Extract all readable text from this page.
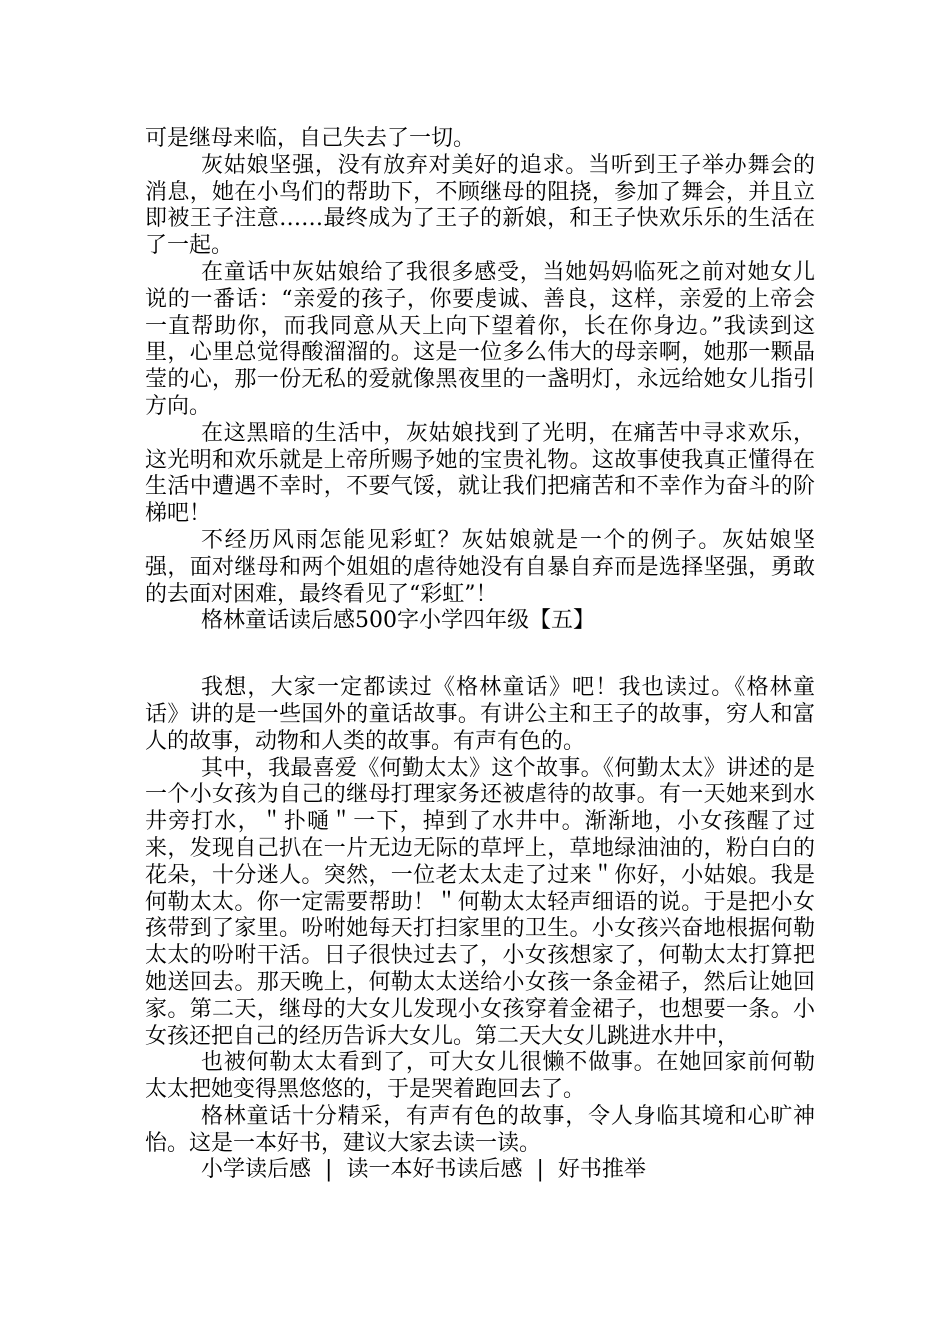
可是继母来临，自己失去了一切。

灰姑娘坚强，没有放弃对美好的追求。当听到王子举办舞会的消息，她在小鸟们的帮助下，不顾继母的阻挠，参加了舞会，并且立即被王子注意……最终成为了王子的新娘，和王子快欢乐乐的生活在了一起。

在童话中灰姑娘给了我很多感受，当她妈妈临死之前对她女儿说的一番话：“亲爱的孩子，你要虔诚、善良，这样，亲爱的上帝会一直帮助你，而我同意从天上向下望着你，长在你身边。”我读到这里，心里总觉得酸溜溜的。这是一位多么伟大的母亲啊，她那一颗晶莹的心，那一份无私的爱就像黑夜里的一盏明灯，永远给她女儿指引方向。

在这黑暗的生活中，灰姑娘找到了光明，在痛苦中寻求欢乐，这光明和欢乐就是上帝所赐予她的宝贵礼物。这故事使我真正懂得在生活中遭遇不幸时，不要气馁，就让我们把痛苦和不幸作为奋斗的阶梯吧！

不经历风雨怎能见彩虹？灰姑娘就是一个的例子。灰姑娘坚强，面对继母和两个姐姐的虐待她没有自暴自弃而是选择坚强，勇敢的去面对困难，最终看见了“彩虹”！

格林童话读后感500字小学四年级【五】

我想，大家一定都读过《格林童话》吧！我也读过。《格林童话》讲的是一些国外的童话故事。有讲公主和王子的故事，穷人和富人的故事，动物和人类的故事。有声有色的。

其中，我最喜爱《何勤太太》这个故事。《何勤太太》讲述的是一个小女孩为自己的继母打理家务还被虐待的故事。有一天她来到水井旁打水，＂扑嗵＂一下，掉到了水井中。渐渐地，小女孩醒了过来，发现自己扒在一片无边无际的草坪上，草地绿油油的，粉白白的花朵，十分迷人。突然，一位老太太走了过来＂你好，小姑娘。我是何勒太太。你一定需要帮助！＂何勒太太轻声细语的说。于是把小女孩带到了家里。吩咐她每天打扫家里的卫生。小女孩兴奋地根据何勒太太的吩咐干活。日子很快过去了，小女孩想家了，何勒太太打算把她送回去。那天晚上，何勒太太送给小女孩一条金裙子，然后让她回家。第二天，继母的大女儿发现小女孩穿着金裙子，也想要一条。小女孩还把自己的经历告诉大女儿。第二天大女儿跳进水井中，

也被何勒太太看到了，可大女儿很懒不做事。在她回家前何勒太太把她变得黑悠悠的，于是哭着跑回去了。

格林童话十分精采，有声有色的故事，令人身临其境和心旷神怡。这是一本好书，建议大家去读一读。

小学读后感 | 读一本好书读后感 | 好书推举
